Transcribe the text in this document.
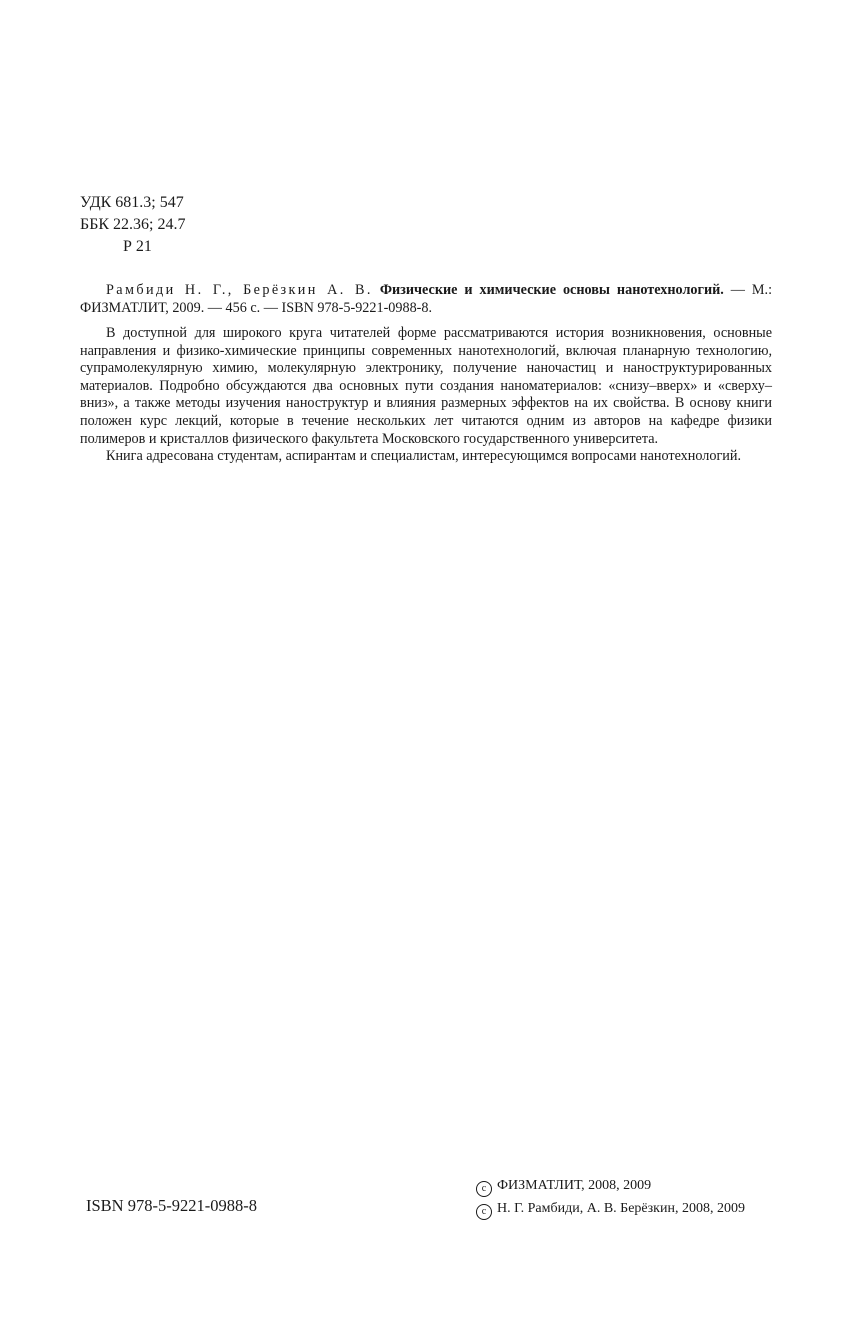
УДК 681.3; 547
ББК 22.36; 24.7
Р 21

Рамбиди Н. Г., Берёзкин А. В. Физические и химические основы нанотехнологий. — М.: ФИЗМАТЛИТ, 2009. — 456 с. — ISBN 978-5-9221-0988-8.

В доступной для широкого круга читателей форме рассматриваются история возникновения, основные направления и физико-химические принципы современных нанотехнологий, включая планарную технологию, супрамолекулярную химию, молекулярную электронику, получение наночастиц и наноструктурированных материалов. Подробно обсуждаются два основных пути создания наноматериалов: «снизу–вверх» и «сверху–вниз», а также методы изучения наноструктур и влияния размерных эффектов на их свойства. В основу книги положен курс лекций, которые в течение нескольких лет читаются одним из авторов на кафедре физики полимеров и кристаллов физического факультета Московского государственного университета.

Книга адресована студентам, аспирантам и специалистам, интересующимся вопросами нанотехнологий.

ISBN 978-5-9221-0988-8
c ФИЗМАТЛИТ, 2008, 2009
c Н. Г. Рамбиди, А. В. Берёзкин, 2008, 2009
